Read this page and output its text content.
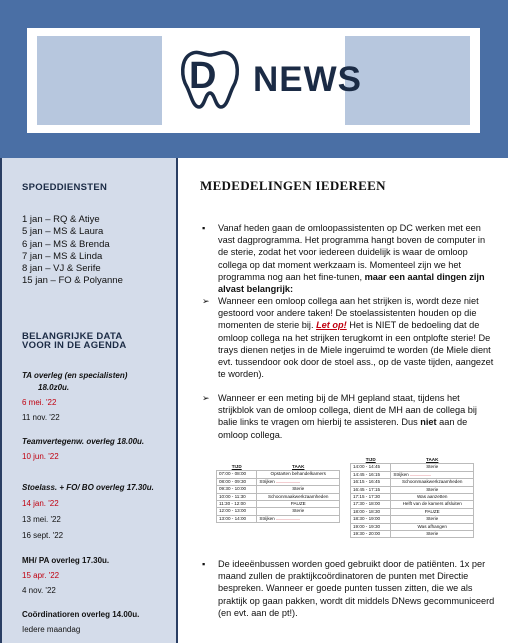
D NEWS
SPOEDDIENSTEN
1 jan – RQ & Atiye
5 jan – MS & Laura
6 jan – MS & Brenda
7 jan – MS & Linda
8 jan – VJ & Serife
15 jan – FO & Polyanne
BELANGRIJKE DATA
VOOR IN DE AGENDA
TA overleg (en specialisten)
18.0z0u.
6 mei. '22
11 nov. '22
Teamvertegenw. overleg 18.00u.
10 jun. '22
Stoelass. + FO/ BO overleg 17.30u.
14 jan. '22
13 mei. '22
16 sept. '22
MH/ PA overleg 17.30u.
15 apr. '22
4 nov. '22
Coördinatioren overleg 14.00u.
Iedere maandag
MEDEDELINGEN IEDEREEN
▪ Vanaf heden gaan de omloopassistenten op DC werken met een vast dagprogramma. Het programma hangt boven de computer in de sterie, zodat het voor iedereen duidelijk is waar de omloop collega op dat moment werkzaam is. Momenteel zijn we het programma nog aan het fine-tunen, maar een aantal dingen zijn alvast belangrijk:
➢ Wanneer een omloop collega aan het strijken is, wordt deze niet gestoord voor andere taken! De stoelassistenten houden op die momenten de sterie bij. Let op! Het is NIET de bedoeling dat de omloop collega na het strijken terugkomt in een ontplofte sterie! De trays dienen netjes in de Miele ingeruimd te worden (de Miele dient evt. tussendoor ook door de stoel ass., op de vaste tijden, aangezet te worden).
➢ Wanneer er een meting bij de MH gepland staat, tijdens het strijkblok van de omloop collega, dient de MH aan de collega bij balie links te vragen om hierbij te assisteren. Dus niet aan de omloop collega.
TIJD	TAAK
07:00 - 08:00	Opstarten behandelkamers
08:00 - 09:30	Strijken ————————
09:30 - 10:00	Sterie
10:00 - 11:30	Schoonmaakwerkzaamheden
11:30 - 12:00	PAUZE
12:00 - 13:00	Sterie
13:00 - 14:00	Strijken ————————
TIJD	TAAK
14:00 - 14:45	Sterie
14:45 - 16:15	Strijken ———————
16:15 - 16:45	Schoonmaakwerkzaamheden
16:45 - 17:15	Sterie
17:15 - 17:30	Was aanzetten
17:30 - 18:00	Helft van de kamers afsluiten
18:00 - 18:30	PAUZE
18:30 - 19:00	Sterie
19:00 - 19:30	Was afhangen
19:30 - 20:00	Sterie
▪ De ideeënbussen worden goed gebruikt door de patiënten. 1x per maand zullen de praktijkcoördinatoren de punten met Directie bespreken. Wanneer er goede punten tussen zitten, die we als praktijk op gaan pakken, wordt dit middels DNews gecommuniceerd (en evt. aan de pt!).
